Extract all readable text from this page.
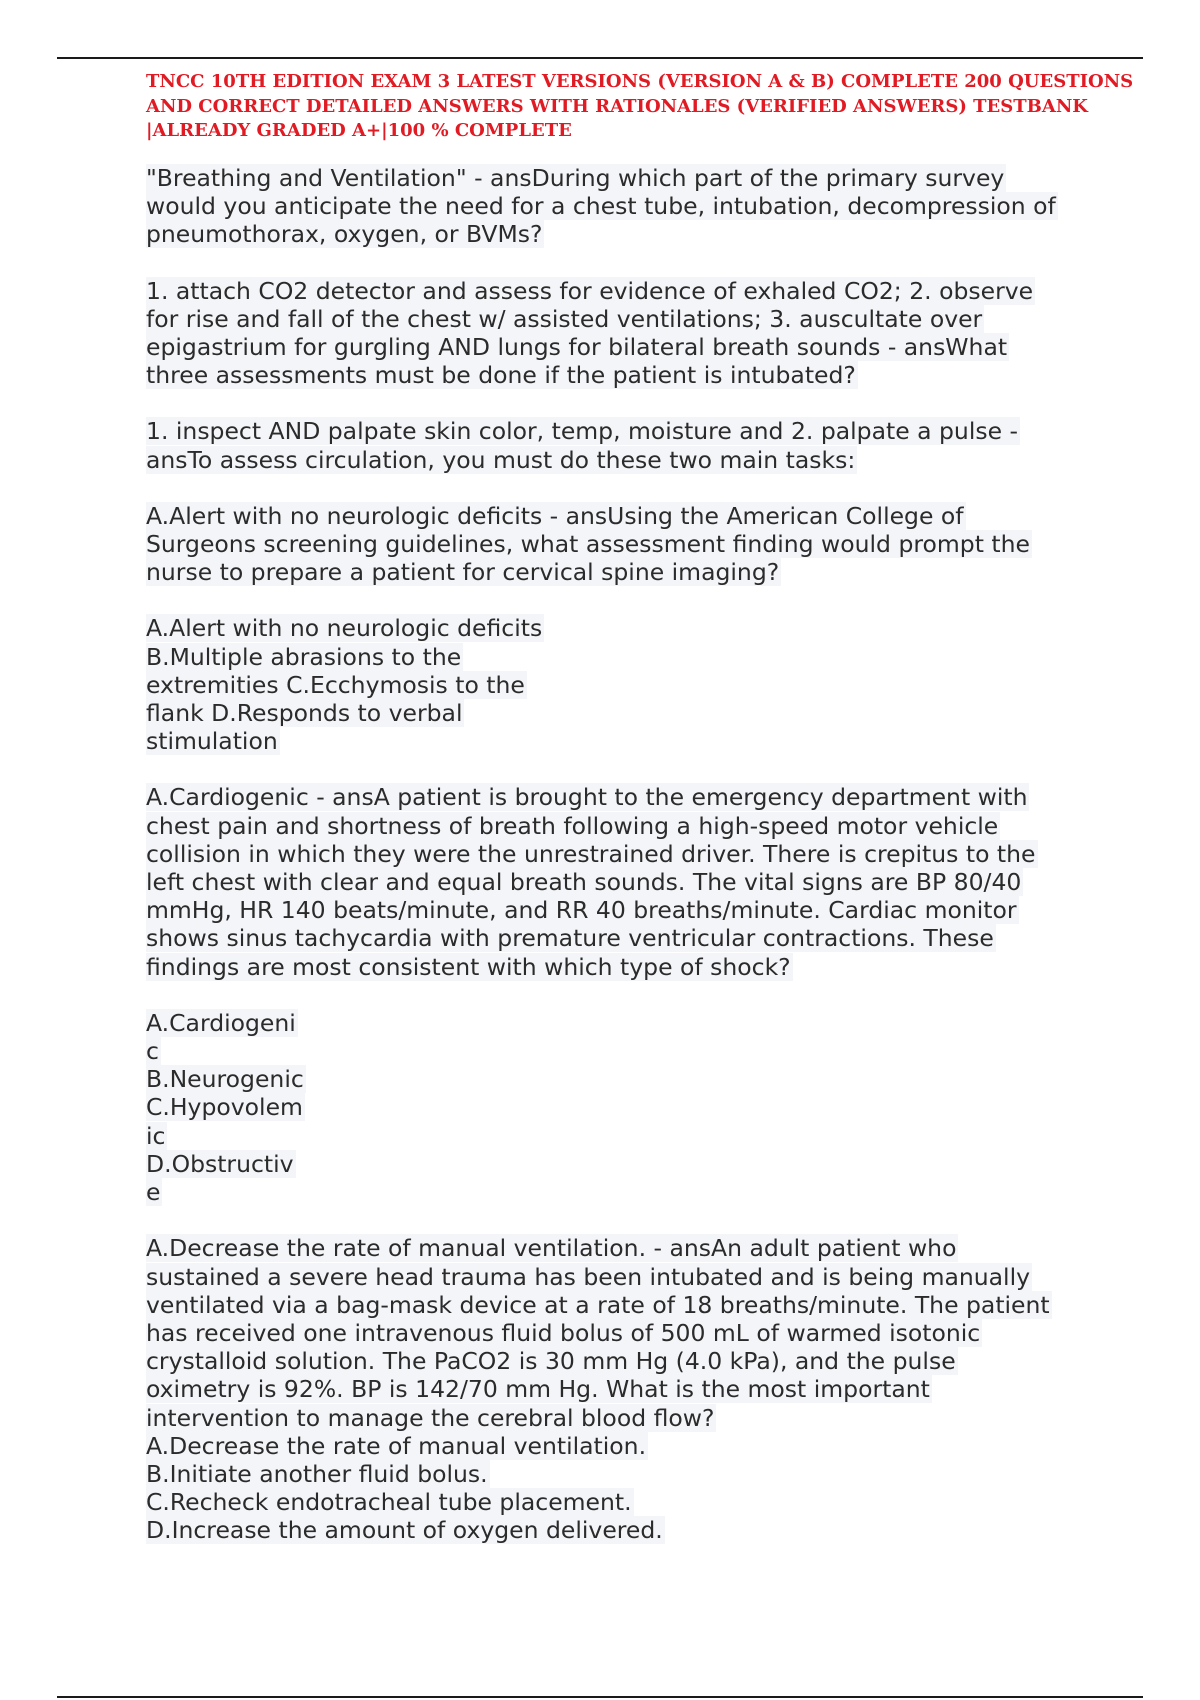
TNCC 10TH EDITION EXAM 3 LATEST VERSIONS (VERSION A & B) COMPLETE 200 QUESTIONS
AND CORRECT DETAILED ANSWERS WITH RATIONALES (VERIFIED ANSWERS) TESTBANK
|ALREADY GRADED A+|100 % COMPLETE

"Breathing and Ventilation" - ansDuring which part of the primary survey
would you anticipate the need for a chest tube, intubation, decompression of
pneumothorax, oxygen, or BVMs?

1. attach CO2 detector and assess for evidence of exhaled CO2; 2. observe
for rise and fall of the chest w/ assisted ventilations; 3. auscultate over
epigastrium for gurgling AND lungs for bilateral breath sounds - ansWhat
three assessments must be done if the patient is intubated?

1. inspect AND palpate skin color, temp, moisture and 2. palpate a pulse -
ansTo assess circulation, you must do these two main tasks:

A.Alert with no neurologic deficits - ansUsing the American College of
Surgeons screening guidelines, what assessment finding would prompt the
nurse to prepare a patient for cervical spine imaging?

A.Alert with no neurologic deficits
B.Multiple abrasions to the
extremities C.Ecchymosis to the
flank D.Responds to verbal
stimulation

A.Cardiogenic - ansA patient is brought to the emergency department with
chest pain and shortness of breath following a high-speed motor vehicle
collision in which they were the unrestrained driver. There is crepitus to the
left chest with clear and equal breath sounds. The vital signs are BP 80/40
mmHg, HR 140 beats/minute, and RR 40 breaths/minute. Cardiac monitor
shows sinus tachycardia with premature ventricular contractions. These
findings are most consistent with which type of shock?

A.Cardiogeni
c
B.Neurogenic
C.Hypovolem
ic
D.Obstructiv
e

A.Decrease the rate of manual ventilation. - ansAn adult patient who
sustained a severe head trauma has been intubated and is being manually
ventilated via a bag-mask device at a rate of 18 breaths/minute. The patient
has received one intravenous fluid bolus of 500 mL of warmed isotonic
crystalloid solution. The PaCO2 is 30 mm Hg (4.0 kPa), and the pulse
oximetry is 92%. BP is 142/70 mm Hg. What is the most important
intervention to manage the cerebral blood flow?
A.Decrease the rate of manual ventilation.
B.Initiate another fluid bolus.
C.Recheck endotracheal tube placement.
D.Increase the amount of oxygen delivered.
